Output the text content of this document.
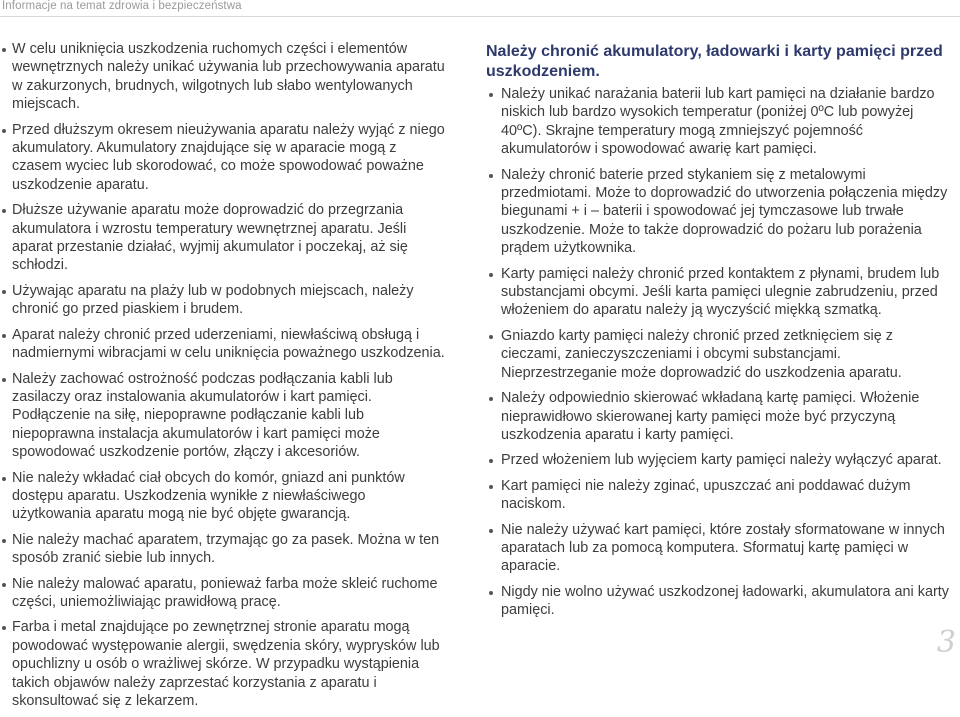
Informacje na temat zdrowia i bezpieczeństwa
W celu uniknięcia uszkodzenia ruchomych części i elementów wewnętrznych należy unikać używania lub przechowywania aparatu w zakurzonych, brudnych, wilgotnych lub słabo wentylowanych miejscach.
Przed dłuższym okresem nieużywania aparatu należy wyjąć z niego akumulatory. Akumulatory znajdujące się w aparacie mogą z czasem wyciec lub skorodować, co może spowodować poważne uszkodzenie aparatu.
Dłuższe używanie aparatu może doprowadzić do przegrzania akumulatora i wzrostu temperatury wewnętrznej aparatu. Jeśli aparat przestanie działać, wyjmij akumulator i poczekaj, aż się schłodzi.
Używając aparatu na plaży lub w podobnych miejscach, należy chronić go przed piaskiem i brudem.
Aparat należy chronić przed uderzeniami, niewłaściwą obsługą i nadmiernymi wibracjami w celu uniknięcia poważnego uszkodzenia.
Należy zachować ostrożność podczas podłączania kabli lub zasilaczy oraz instalowania akumulatorów i kart pamięci. Podłączenie na siłę, niepoprawne podłączanie kabli lub niepoprawna instalacja akumulatorów i kart pamięci może spowodować uszkodzenie portów, złączy i akcesoriów.
Nie należy wkładać ciał obcych do komór, gniazd ani punktów dostępu aparatu. Uszkodzenia wynikłe z niewłaściwego użytkowania aparatu mogą nie być objęte gwarancją.
Nie należy machać aparatem, trzymając go za pasek. Można w ten sposób zranić siebie lub innych.
Nie należy malować aparatu, ponieważ farba może skleić ruchome części, uniemożliwiając prawidłową pracę.
Farba i metal znajdujące po zewnętrznej stronie aparatu mogą powodować występowanie alergii, swędzenia skóry, wyprysków lub opuchlizny u osób o wrażliwej skórze. W przypadku wystąpienia takich objawów należy zaprzestać korzystania z aparatu i skonsultować się z lekarzem.
Należy chronić akumulatory, ładowarki i karty pamięci przed uszkodzeniem.
Należy unikać narażania baterii lub kart pamięci na działanie bardzo niskich lub bardzo wysokich temperatur (poniżej 0ºC lub powyżej 40ºC). Skrajne temperatury mogą zmniejszyć pojemność akumulatorów i spowodować awarię kart pamięci.
Należy chronić baterie przed stykaniem się z metalowymi przedmiotami. Może to doprowadzić do utworzenia połączenia między biegunami + i – baterii i spowodować jej tymczasowe lub trwałe uszkodzenie. Może to także doprowadzić do pożaru lub porażenia prądem użytkownika.
Karty pamięci należy chronić przed kontaktem z płynami, brudem lub substancjami obcymi. Jeśli karta pamięci ulegnie zabrudzeniu, przed włożeniem do aparatu należy ją wyczyścić miękką szmatką.
Gniazdo karty pamięci należy chronić przed zetknięciem się z cieczami, zanieczyszczeniami i obcymi substancjami. Nieprzestrzeganie może doprowadzić do uszkodzenia aparatu.
Należy odpowiednio skierować wkładaną kartę pamięci. Włożenie nieprawidłowo skierowanej karty pamięci może być przyczyną uszkodzenia aparatu i karty pamięci.
Przed włożeniem lub wyjęciem karty pamięci należy wyłączyć aparat.
Kart pamięci nie należy zginać, upuszczać ani poddawać dużym naciskom.
Nie należy używać kart pamięci, które zostały sformatowane w innych aparatach lub za pomocą komputera. Sformatuj kartę pamięci w aparacie.
Nigdy nie wolno używać uszkodzonej ładowarki, akumulatora ani karty pamięci.
3
